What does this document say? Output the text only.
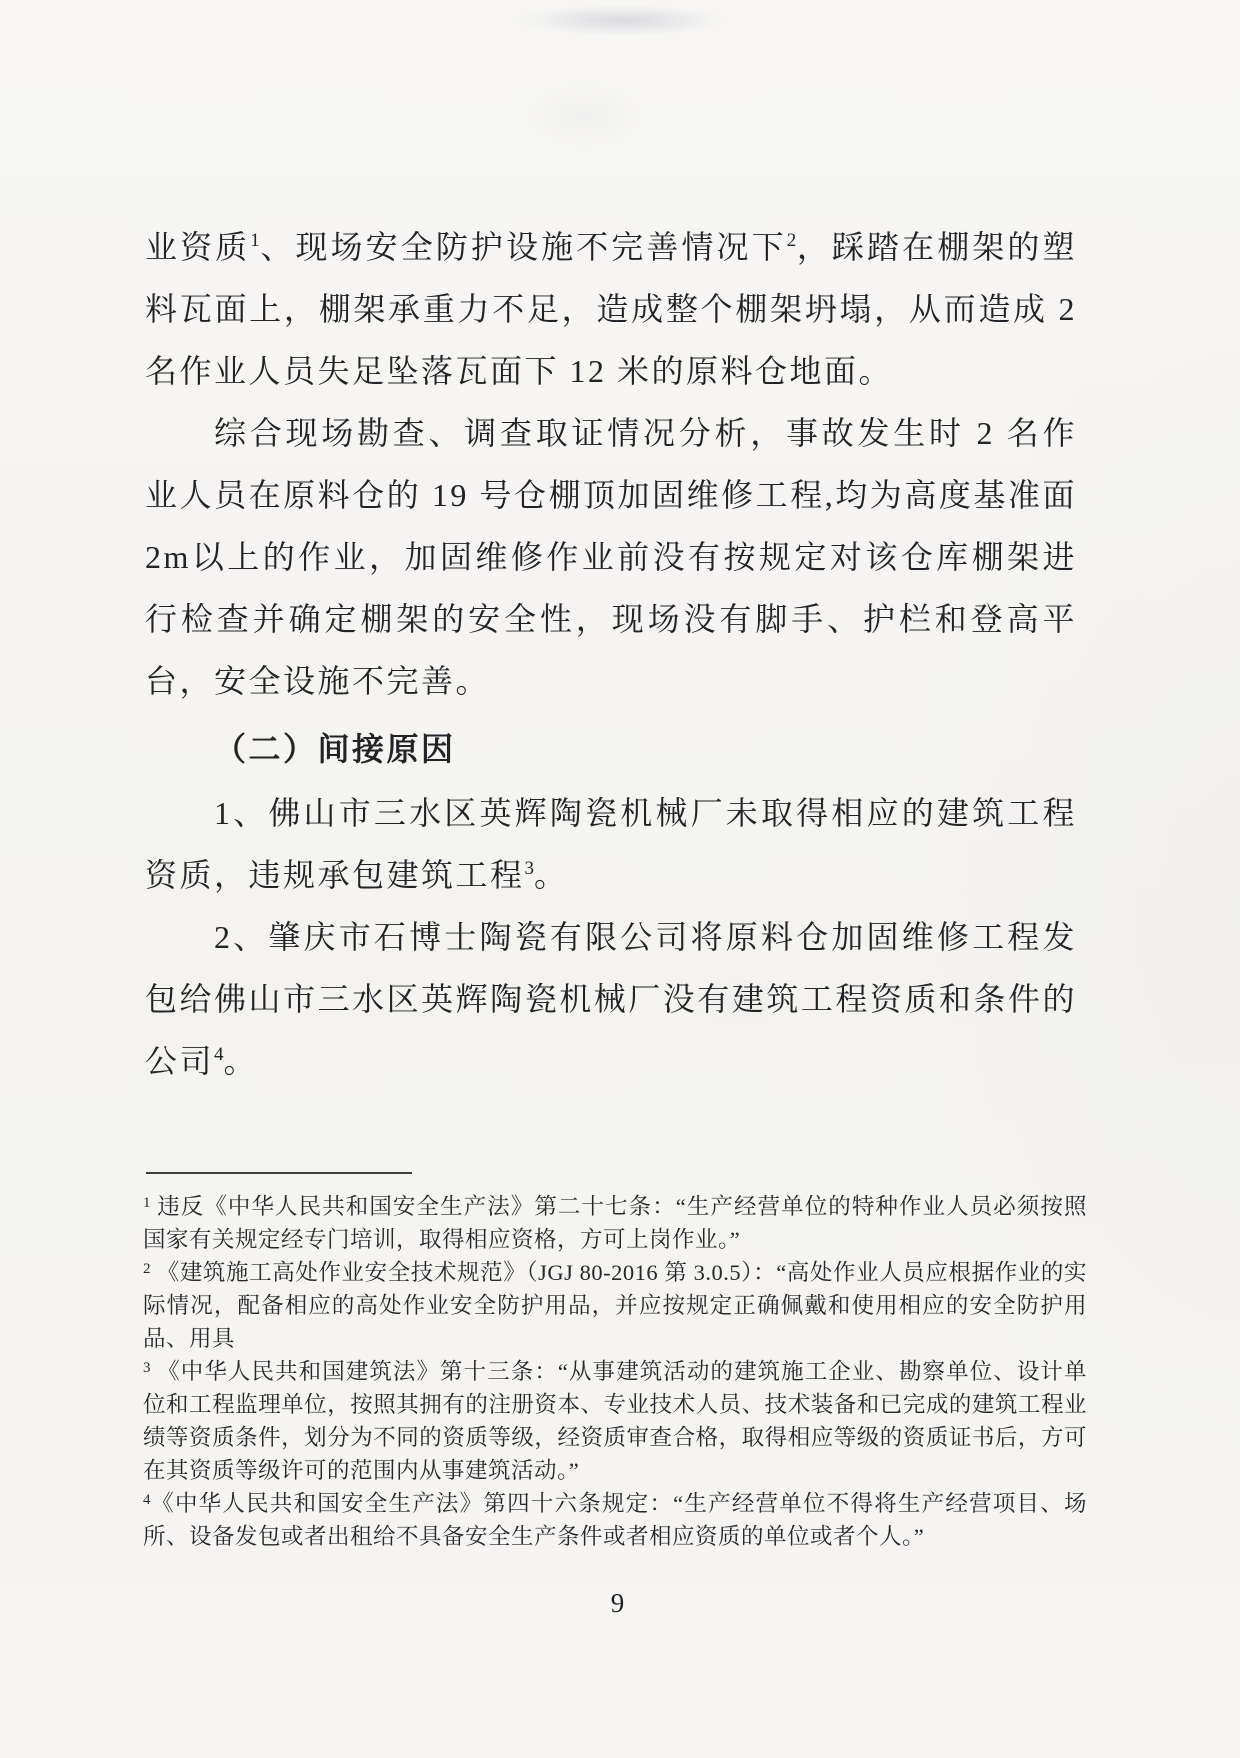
业资质$^1$、现场安全防护设施不完善情况下$^2$，踩踏在棚架的塑料瓦面上，棚架承重力不足，造成整个棚架坍塌，从而造成 2 名作业人员失足坠落瓦面下 12 米的原料仓地面。

综合现场勘查、调查取证情况分析，事故发生时 2 名作业人员在原料仓的 19 号仓棚顶加固维修工程,均为高度基准面 2m以上的作业，加固维修作业前没有按规定对该仓库棚架进行检查并确定棚架的安全性，现场没有脚手、护栏和登高平台，安全设施不完善。

（二）间接原因

1、佛山市三水区英辉陶瓷机械厂未取得相应的建筑工程资质，违规承包建筑工程$^3$。

2、肇庆市石博士陶瓷有限公司将原料仓加固维修工程发包给佛山市三水区英辉陶瓷机械厂没有建筑工程资质和条件的公司$^4$。

$^1$ 违反《中华人民共和国安全生产法》第二十七条：“生产经营单位的特种作业人员必须按照国家有关规定经专门培训，取得相应资格，方可上岗作业。”

$^2$ 《建筑施工高处作业安全技术规范》（JGJ 80-2016 第 3.0.5）：“高处作业人员应根据作业的实际情况，配备相应的高处作业安全防护用品，并应按规定正确佩戴和使用相应的安全防护用品、用具

$^3$ 《中华人民共和国建筑法》第十三条：“从事建筑活动的建筑施工企业、勘察单位、设计单位和工程监理单位，按照其拥有的注册资本、专业技术人员、技术装备和已完成的建筑工程业绩等资质条件，划分为不同的资质等级，经资质审查合格，取得相应等级的资质证书后，方可在其资质等级许可的范围内从事建筑活动。”

$^4$《中华人民共和国安全生产法》第四十六条规定：“生产经营单位不得将生产经营项目、场所、设备发包或者出租给不具备安全生产条件或者相应资质的单位或者个人。”

9
